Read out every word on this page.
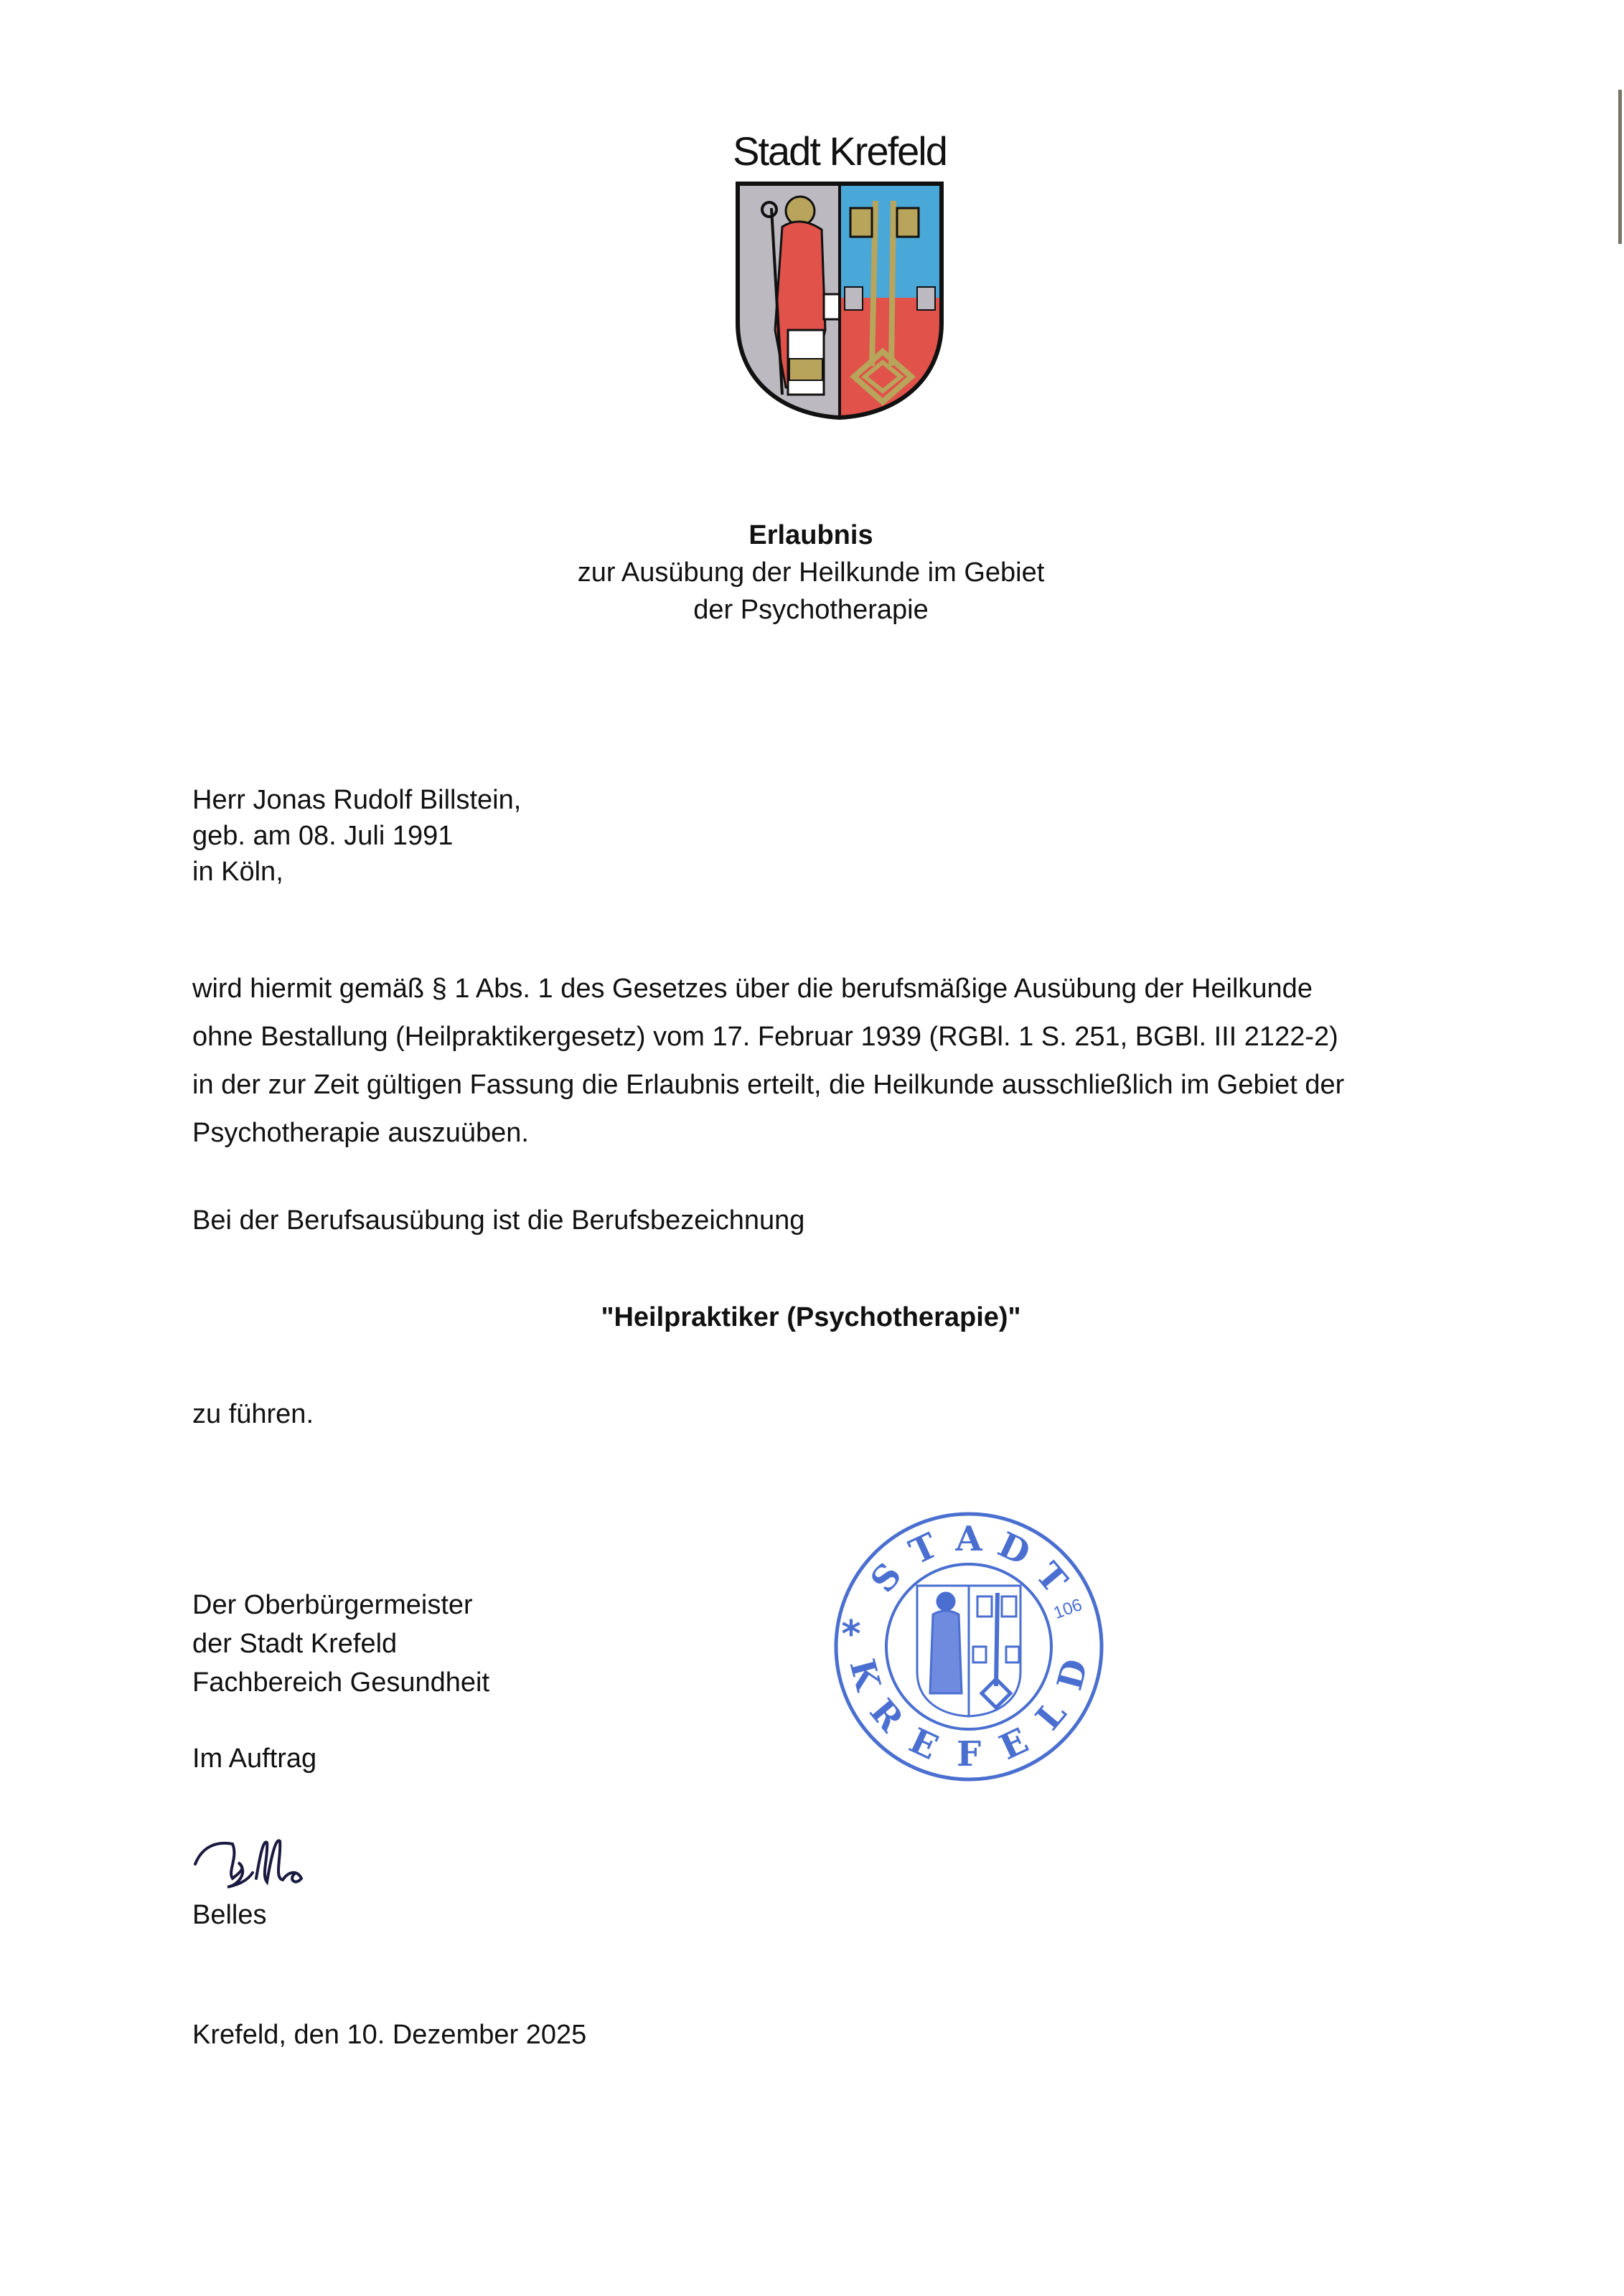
Stadt Krefeld
Erlaubnis
zur Ausübung der Heilkunde im Gebiet
der Psychotherapie
Herr Jonas Rudolf Billstein,
geb. am 08. Juli 1991
in Köln,
wird hiermit gemäß § 1 Abs. 1 des Gesetzes über die berufsmäßige Ausübung der Heilkunde
ohne Bestallung (Heilpraktikergesetz) vom 17. Februar 1939 (RGBl. 1 S. 251, BGBl. III 2122-2)
in der zur Zeit gültigen Fassung die Erlaubnis erteilt, die Heilkunde ausschließlich im Gebiet der
Psychotherapie auszuüben.
Bei der Berufsausübung ist die Berufsbezeichnung
"Heilpraktiker (Psychotherapie)"
zu führen.
Der Oberbürgermeister
der Stadt Krefeld
Fachbereich Gesundheit
Im Auftrag
Belles
Krefeld, den 10. Dezember 2025
S
T A D
T
K
R
E F E
L
D
*
106
